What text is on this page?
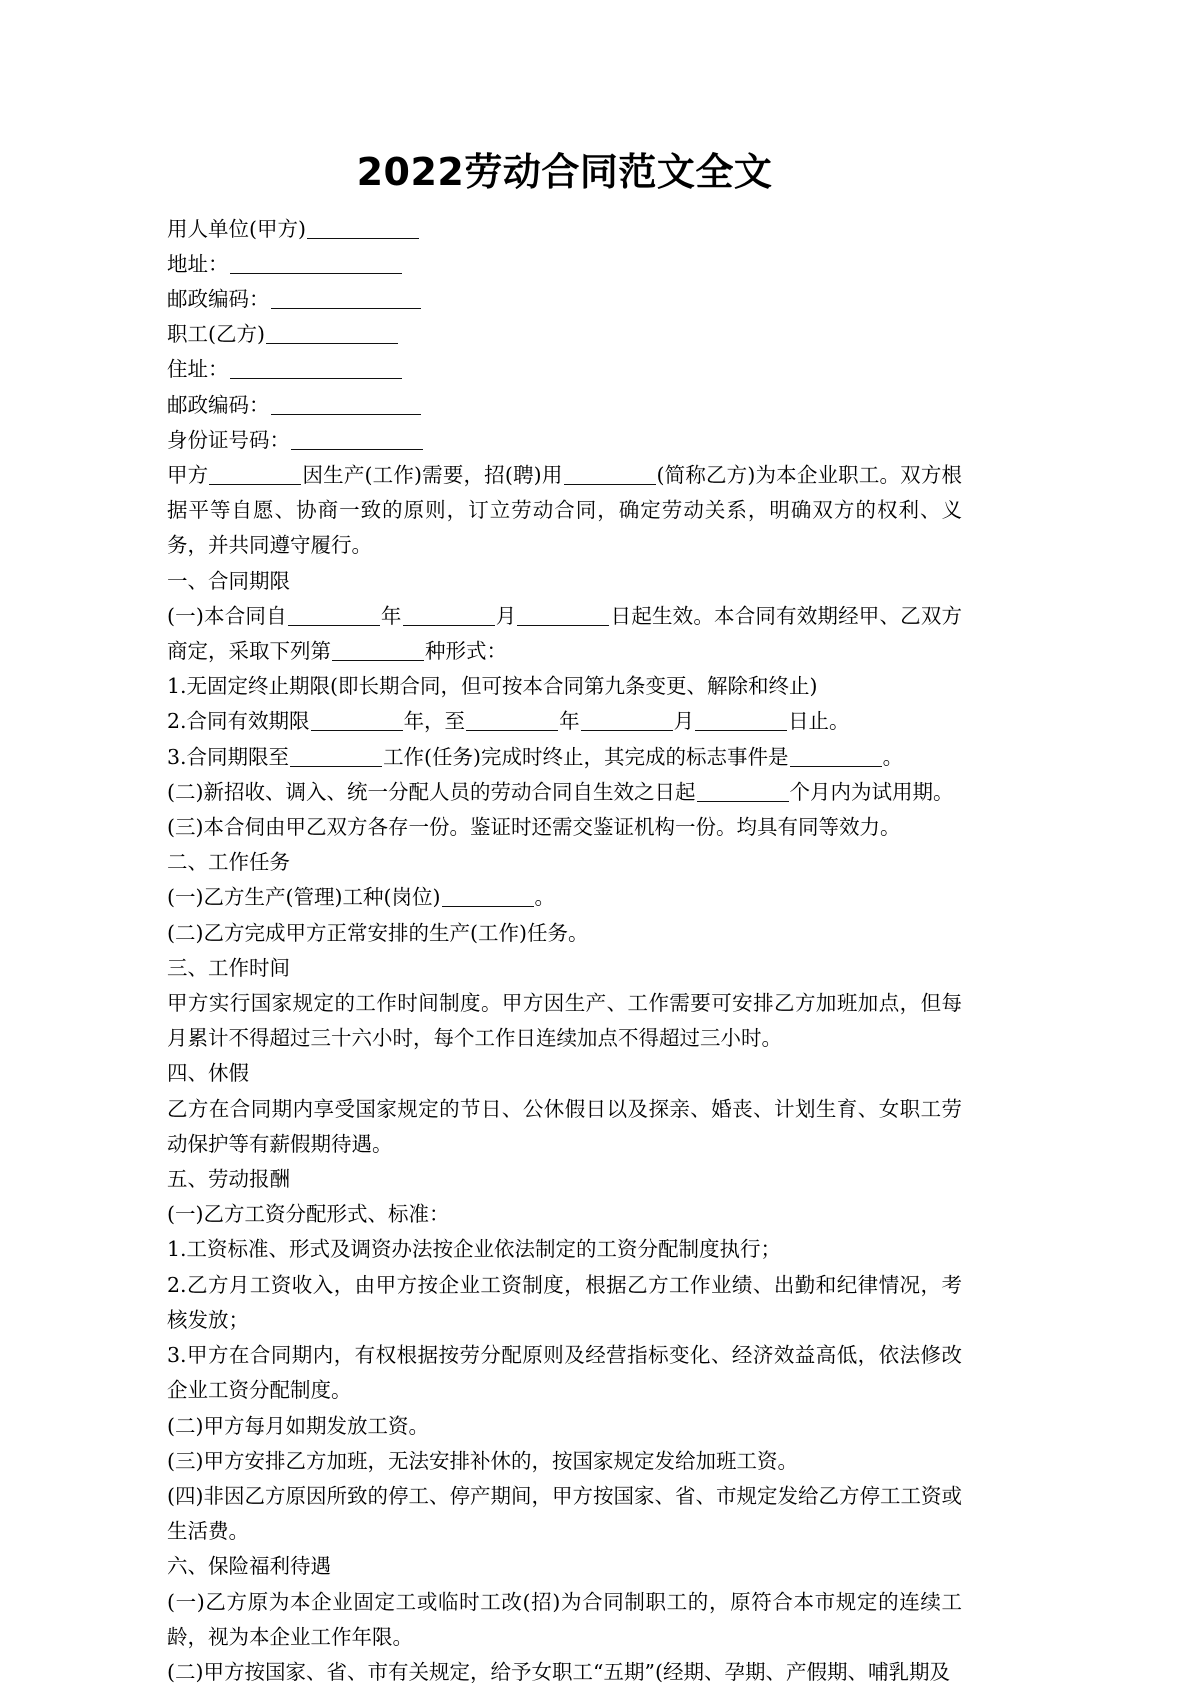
2022劳动合同范文全文

用人单位(甲方)

地址：

邮政编码：

职工(乙方)

住址：

邮政编码：

身份证号码：

甲方	因生产(工作)需要，招(聘)用	(简称乙方)为本企业职工。双方根据平等自愿、协商一致的原则，订立劳动合同，确定劳动关系，明确双方的权利、义务，并共同遵守履行。

一、合同期限

(一)本合同自	年	月	日起生效。本合同有效期经甲、乙双方商定，采取下列第	种形式：

1.无固定终止期限(即长期合同，但可按本合同第九条变更、解除和终止)

2.合同有效期限	年，至	年	月	日止。

3.合同期限至	工作(任务)完成时终止，其完成的标志事件是	。

(二)新招收、调入、统一分配人员的劳动合同自生效之日起	个月内为试用期。

(三)本合伺由甲乙双方各存一份。鉴证时还需交鉴证机构一份。均具有同等效力。

二、工作任务

(一)乙方生产(管理)工种(岗位)	。

(二)乙方完成甲方正常安排的生产(工作)任务。

三、工作时间

甲方实行国家规定的工作时间制度。甲方因生产、工作需要可安排乙方加班加点，但每月累计不得超过三十六小时，每个工作日连续加点不得超过三小时。

四、休假

乙方在合同期内享受国家规定的节日、公休假日以及探亲、婚丧、计划生育、女职工劳动保护等有薪假期待遇。

五、劳动报酬

(一)乙方工资分配形式、标准：

1.工资标准、形式及调资办法按企业依法制定的工资分配制度执行；

2.乙方月工资收入，由甲方按企业工资制度，根据乙方工作业绩、出勤和纪律情况，考核发放；

3.甲方在合同期内，有权根据按劳分配原则及经营指标变化、经济效益高低，依法修改企业工资分配制度。

(二)甲方每月如期发放工资。

(三)甲方安排乙方加班，无法安排补休的，按国家规定发给加班工资。

(四)非因乙方原因所致的停工、停产期间，甲方按国家、省、市规定发给乙方停工工资或生活费。

六、保险福利待遇

(一)乙方原为本企业固定工或临时工改(招)为合同制职工的，原符合本市规定的连续工龄，视为本企业工作年限。

(二)甲方按国家、省、市有关规定，给予女职工“五期”(经期、孕期、产假期、哺乳期及
